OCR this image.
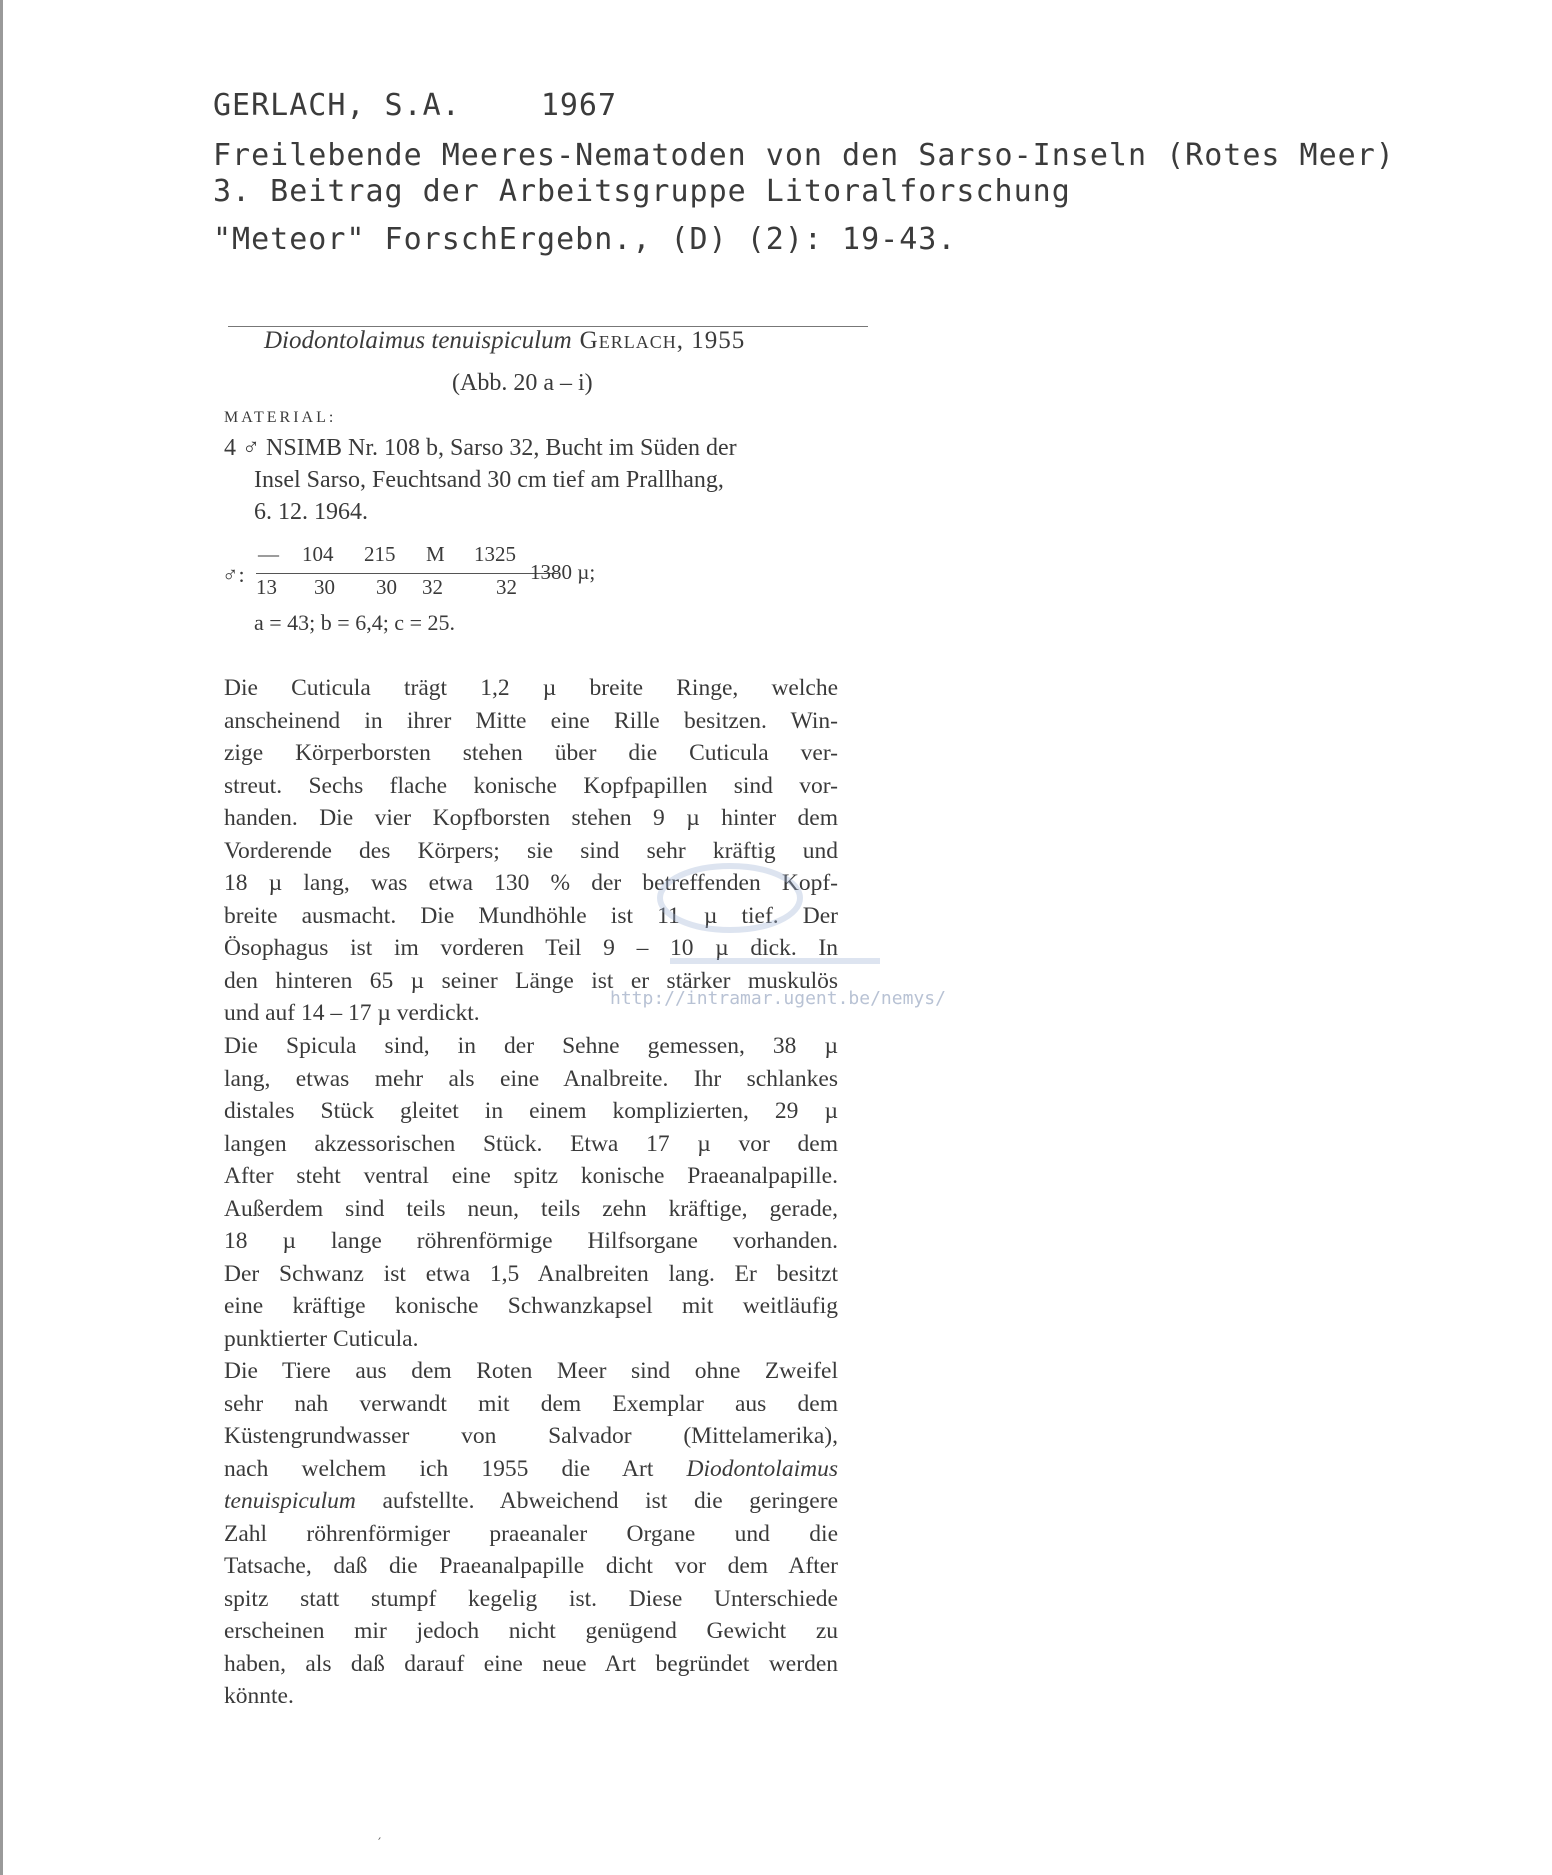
GERLACH, S.A.	1967
Freilebende Meeres-Nematoden von den Sarso-Inseln (Rotes Meer)
3. Beitrag der Arbeitsgruppe Litoralforschung
"Meteor" ForschErgebn., (D) (2): 19-43.
Diodontolaimus tenuispiculum Gerlach, 1955
(Abb. 20 a – i)
MATERIAL:
4 ♂ NSIMB Nr. 108 b, Sarso 32, Bucht im Süden der
Insel Sarso, Feuchtsand 30 cm tief am Prallhang,
6. 12. 1964.
♂:
— 104 215 M 1325
13 30 30 32	32
1380 µ;
a = 43; b = 6,4; c = 25.
Die Cuticula trägt 1,2 µ breite Ringe, welche
anscheinend in ihrer Mitte eine Rille besitzen. Win-
zige Körperborsten stehen über die Cuticula ver-
streut. Sechs flache konische Kopfpapillen sind vor-
handen. Die vier Kopfborsten stehen 9 µ hinter dem
Vorderende des Körpers; sie sind sehr kräftig und
18 µ lang, was etwa 130 % der betreffenden Kopf-
breite ausmacht. Die Mundhöhle ist 11 µ tief. Der
Ösophagus ist im vorderen Teil 9 – 10 µ dick. In
den hinteren 65 µ seiner Länge ist er stärker muskulös
und auf 14 – 17 µ verdickt.
Die Spicula sind, in der Sehne gemessen, 38 µ
lang, etwas mehr als eine Analbreite. Ihr schlankes
distales Stück gleitet in einem komplizierten, 29 µ
langen akzessorischen Stück. Etwa 17 µ vor dem
After steht ventral eine spitz konische Praeanalpapille.
Außerdem sind teils neun, teils zehn kräftige, gerade,
18 µ lange röhrenförmige Hilfsorgane vorhanden.
Der Schwanz ist etwa 1,5 Analbreiten lang. Er besitzt
eine kräftige konische Schwanzkapsel mit weitläufig
punktierter Cuticula.
Die Tiere aus dem Roten Meer sind ohne Zweifel
sehr nah verwandt mit dem Exemplar aus dem
Küstengrundwasser von Salvador (Mittelamerika),
nach welchem ich 1955 die Art Diodontolaimus
tenuispiculum aufstellte. Abweichend ist die geringere
Zahl röhrenförmiger praeanaler Organe und die
Tatsache, daß die Praeanalpapille dicht vor dem After
spitz statt stumpf kegelig ist. Diese Unterschiede
erscheinen mir jedoch nicht genügend Gewicht zu
haben, als daß darauf eine neue Art begründet werden
könnte.
http://intramar.ugent.be/nemys/
′
